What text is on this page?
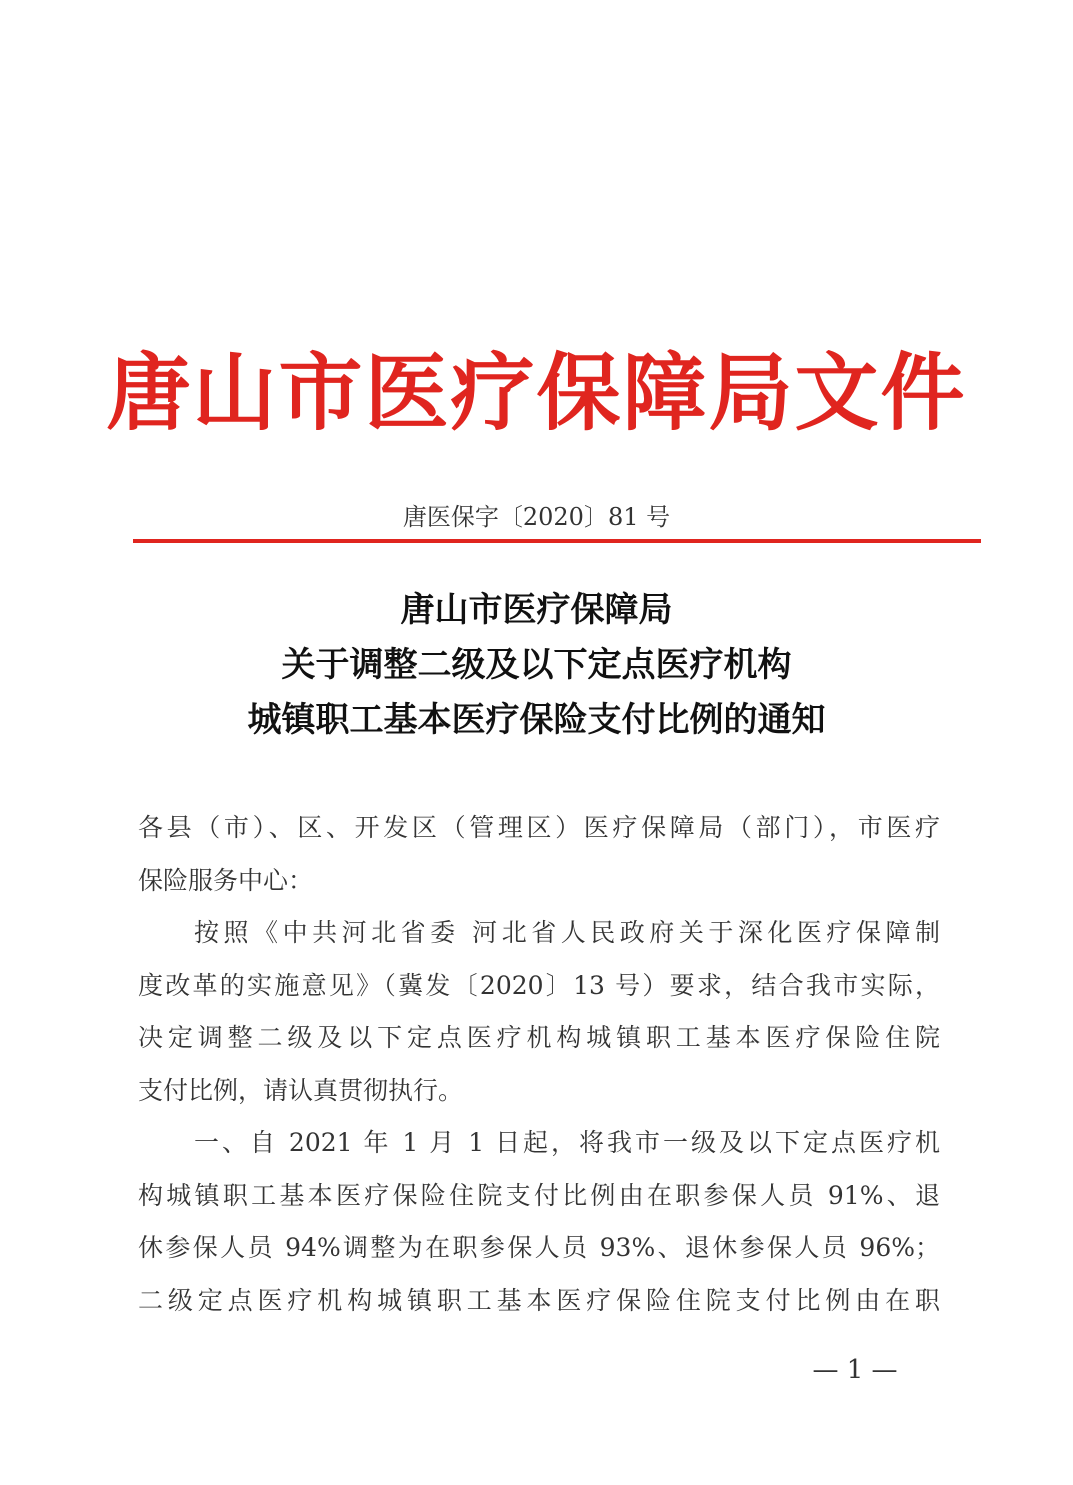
唐山市医疗保障局文件
唐医保字〔2020〕81 号
唐山市医疗保障局
关于调整二级及以下定点医疗机构
城镇职工基本医疗保险支付比例的通知
各县（市）、区、开发区（管理区）医疗保障局（部门），市医疗
保险服务中心：
按照《中共河北省委 河北省人民政府关于深化医疗保障制
度改革的实施意见》（冀发〔2020〕13 号）要求，结合我市实际，
决定调整二级及以下定点医疗机构城镇职工基本医疗保险住院
支付比例，请认真贯彻执行。
一、自 2021 年 1 月 1 日起，将我市一级及以下定点医疗机
构城镇职工基本医疗保险住院支付比例由在职参保人员 91%、退
休参保人员 94%调整为在职参保人员 93%、退休参保人员 96%；
二级定点医疗机构城镇职工基本医疗保险住院支付比例由在职
— 1 —
